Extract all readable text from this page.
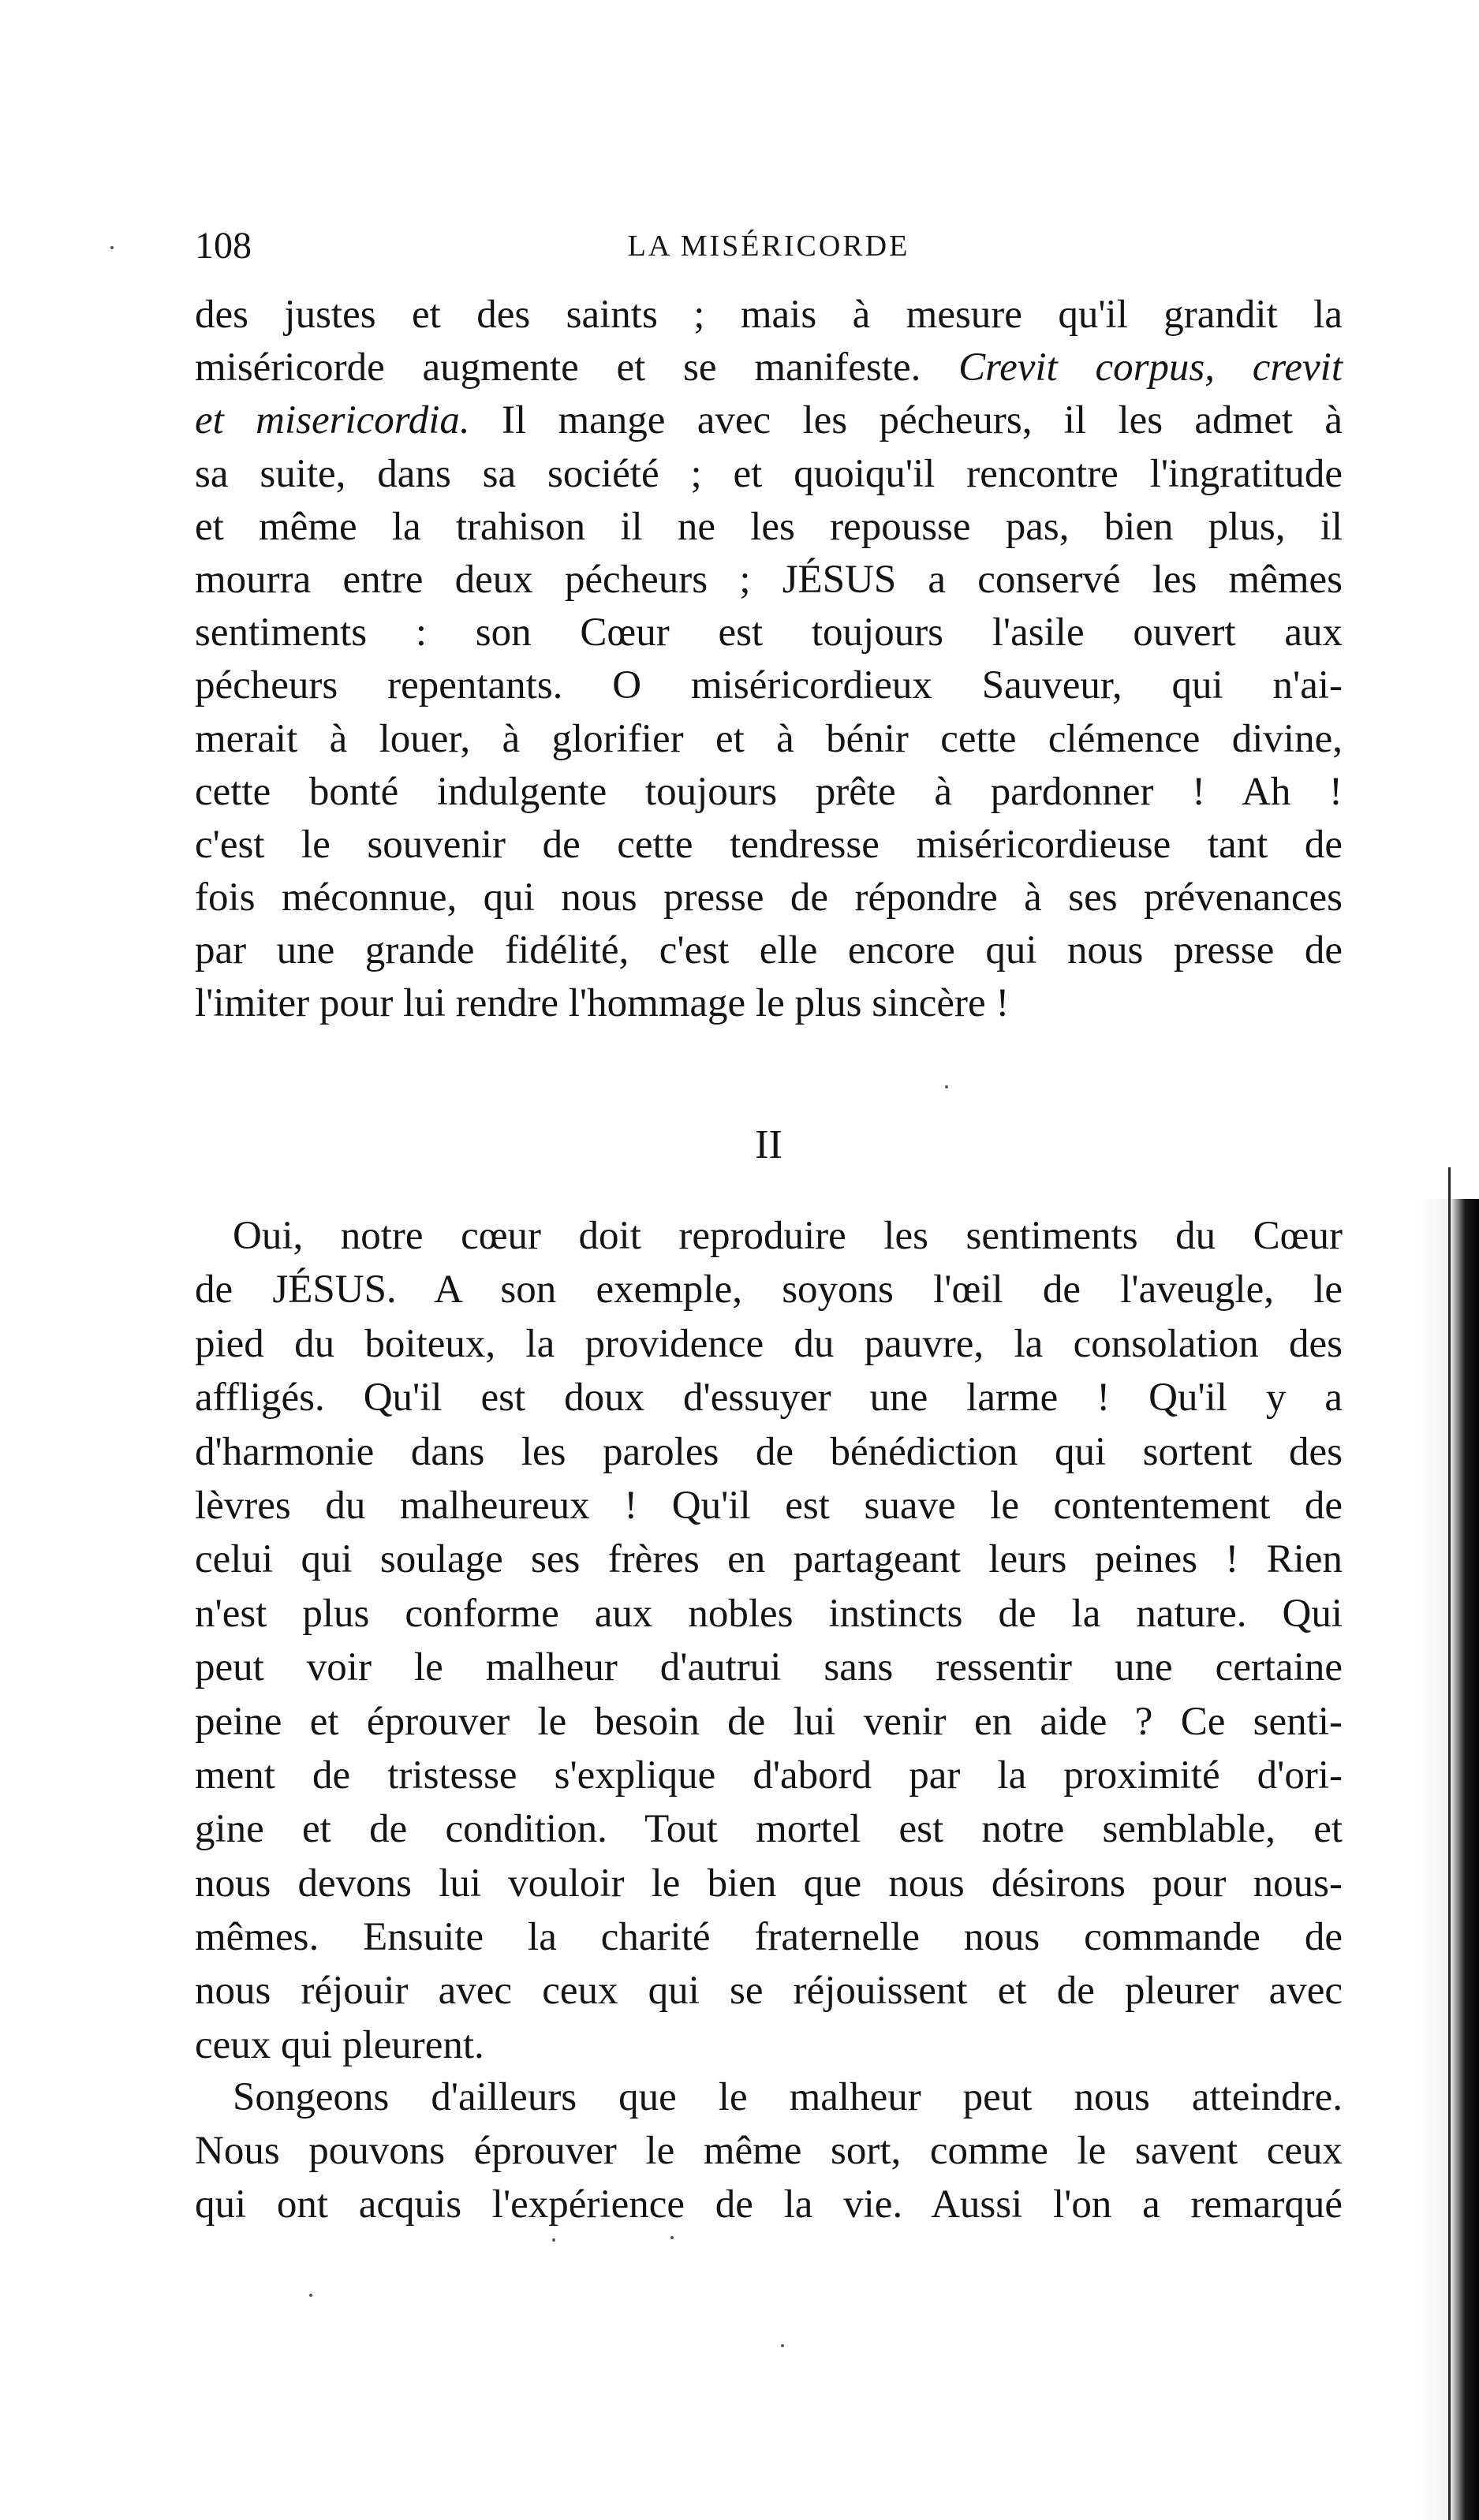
108	LA MISÉRICORDE
des justes et des saints ; mais à mesure qu'il grandit la
miséricorde augmente et se manifeste. Crevit corpus, crevit
et misericordia. Il mange avec les pécheurs, il les admet à
sa suite, dans sa société ; et quoiqu'il rencontre l'ingratitude
et même la trahison il ne les repousse pas, bien plus, il
mourra entre deux pécheurs ; JÉSUS a conservé les mêmes
sentiments : son Cœur est toujours l'asile ouvert aux
pécheurs repentants. O miséricordieux Sauveur, qui n'ai-
merait à louer, à glorifier et à bénir cette clémence divine,
cette bonté indulgente toujours prête à pardonner ! Ah !
c'est le souvenir de cette tendresse miséricordieuse tant de
fois méconnue, qui nous presse de répondre à ses prévenances
par une grande fidélité, c'est elle encore qui nous presse de
l'imiter pour lui rendre l'hommage le plus sincère !
II
Oui, notre cœur doit reproduire les sentiments du Cœur
de JÉSUS. A son exemple, soyons l'œil de l'aveugle, le
pied du boiteux, la providence du pauvre, la consolation des
affligés. Qu'il est doux d'essuyer une larme ! Qu'il y a
d'harmonie dans les paroles de bénédiction qui sortent des
lèvres du malheureux ! Qu'il est suave le contentement de
celui qui soulage ses frères en partageant leurs peines ! Rien
n'est plus conforme aux nobles instincts de la nature. Qui
peut voir le malheur d'autrui sans ressentir une certaine
peine et éprouver le besoin de lui venir en aide ? Ce senti-
ment de tristesse s'explique d'abord par la proximité d'ori-
gine et de condition. Tout mortel est notre semblable, et
nous devons lui vouloir le bien que nous désirons pour nous-
mêmes. Ensuite la charité fraternelle nous commande de
nous réjouir avec ceux qui se réjouissent et de pleurer avec
ceux qui pleurent.
Songeons d'ailleurs que le malheur peut nous atteindre.
Nous pouvons éprouver le même sort, comme le savent ceux
qui ont acquis l'expérience de la vie. Aussi l'on a remarqué
